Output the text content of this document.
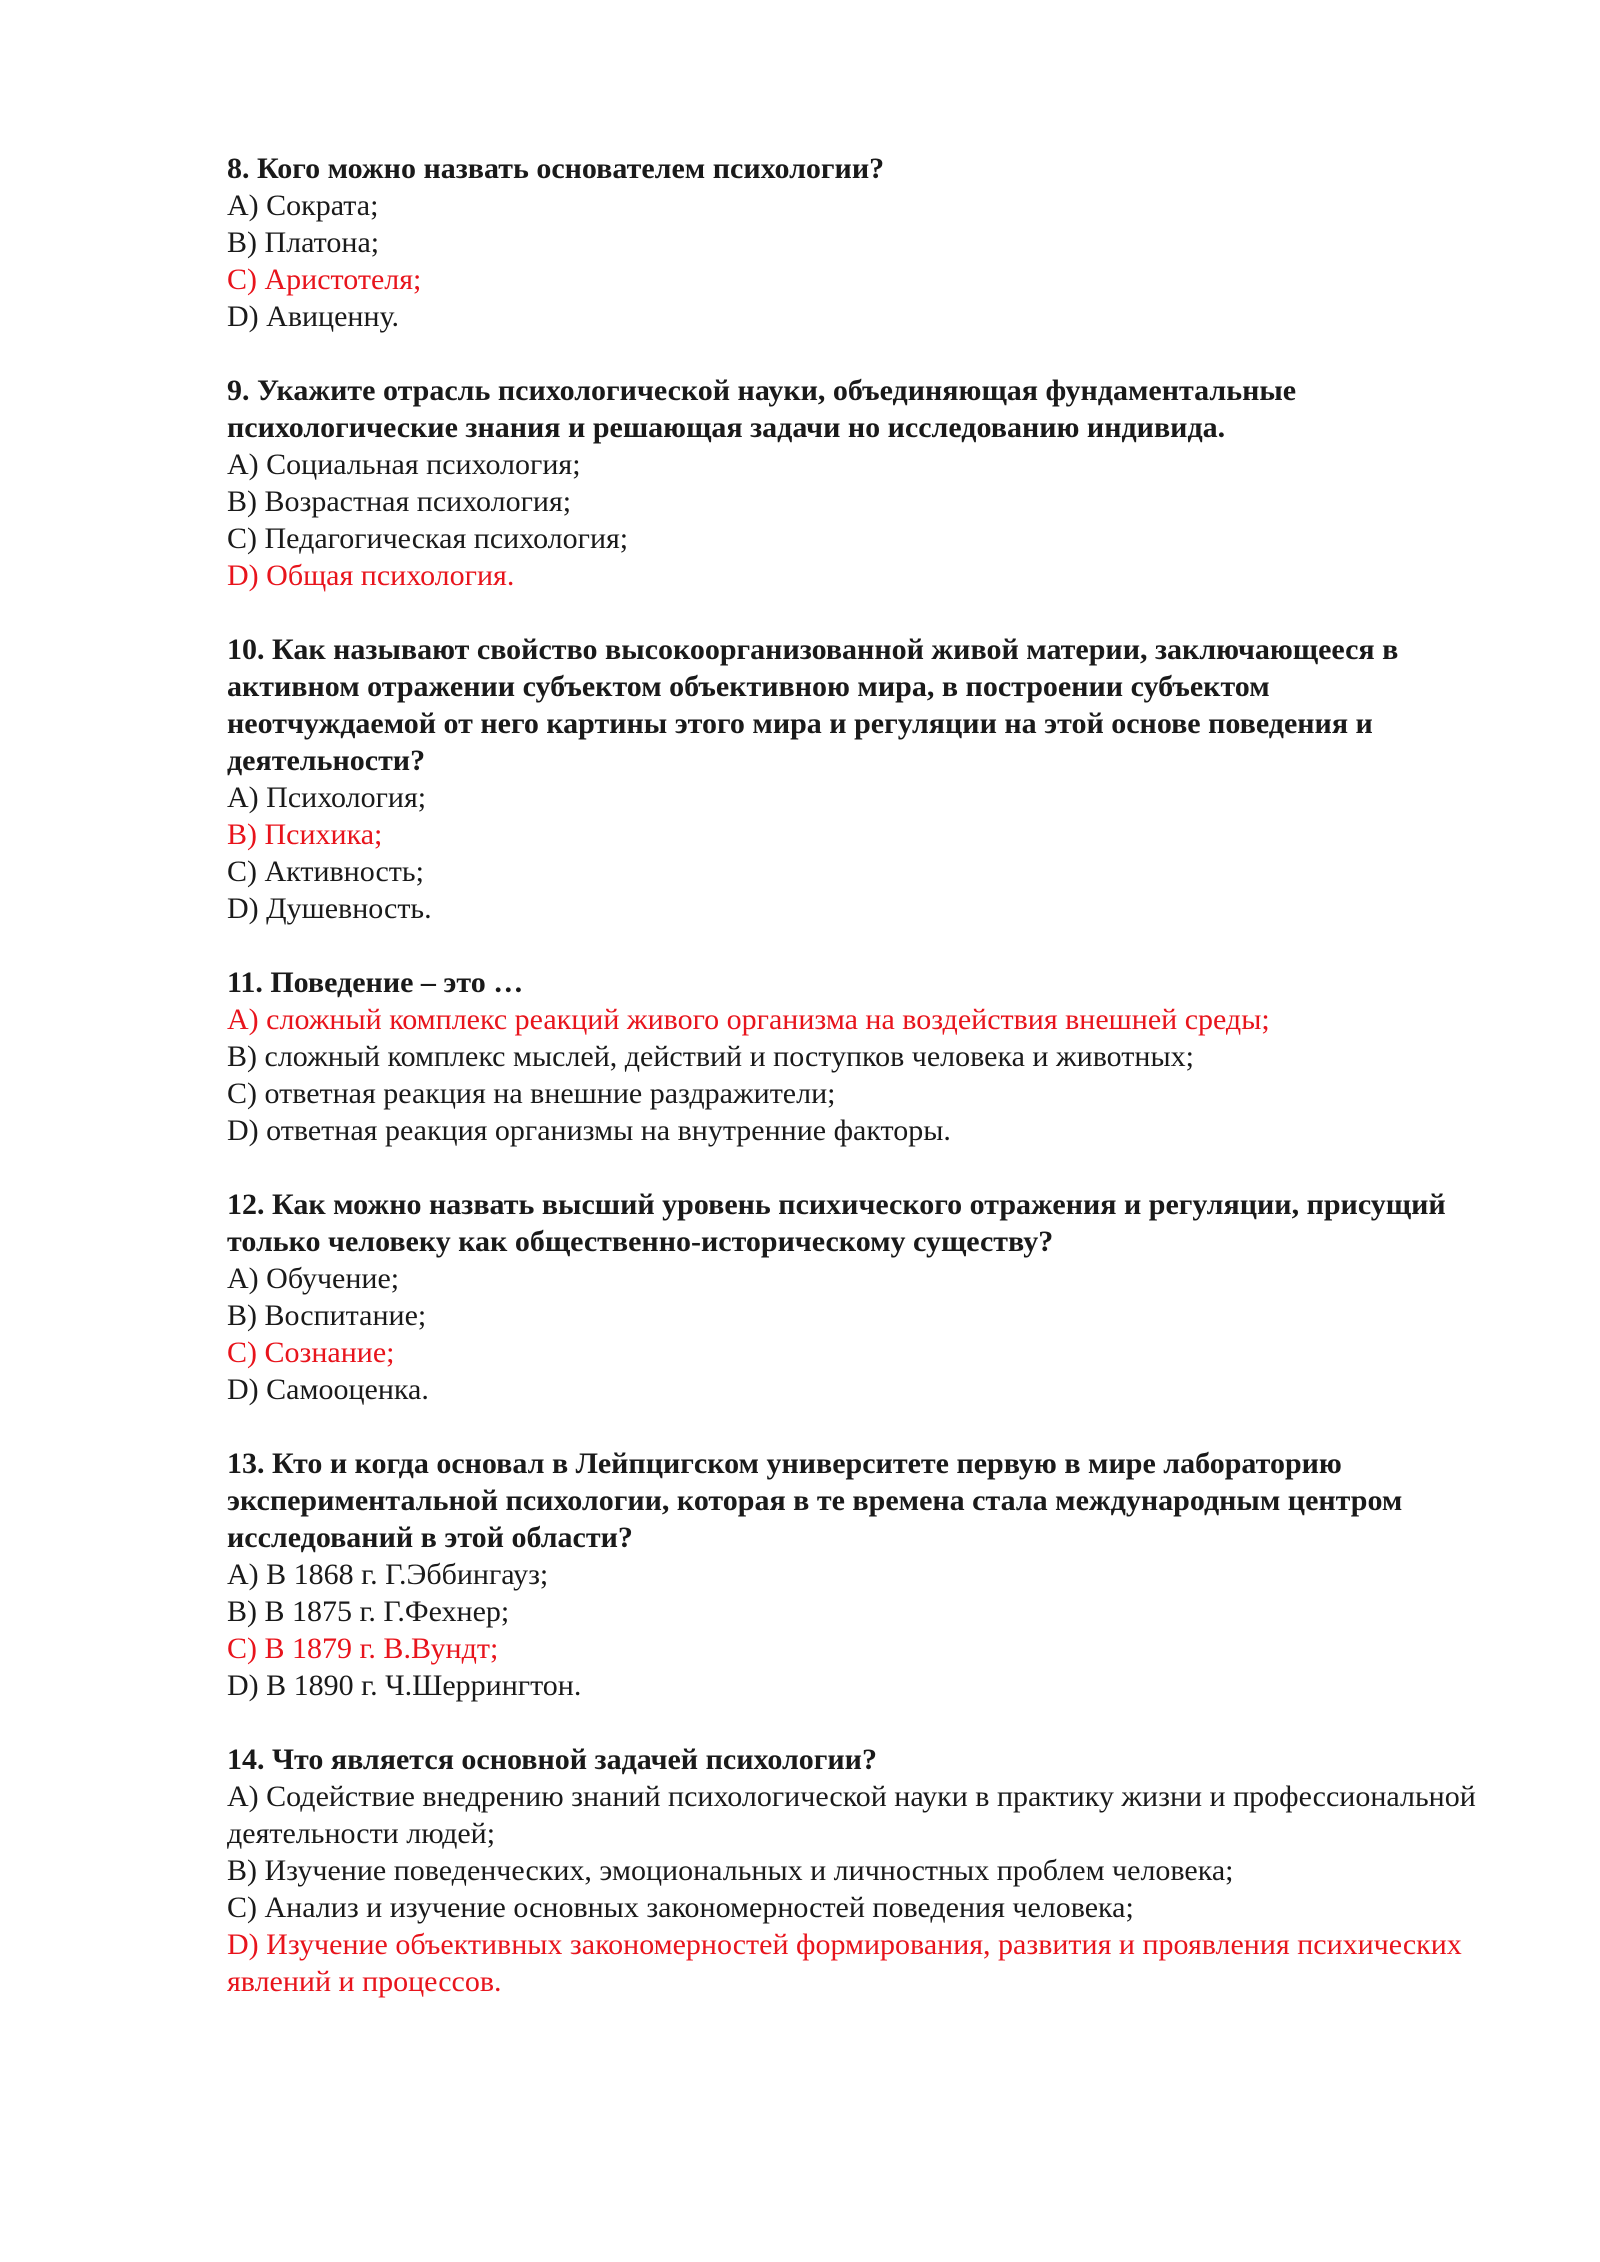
8. Кого можно назвать основателем психологии?

A) Сократа;

B) Платона;

C) Аристотеля;

D) Авиценну.

9. Укажите отрасль психологической науки, объединяющая фундаментальные психологические знания и решающая задачи но исследованию индивида.

A) Социальная психология;

B) Возрастная психология;

C) Педагогическая психология;

D) Общая психология.

10. Как называют свойство высокоорганизованной живой материи, заключающееся в активном отражении субъектом объективною мира, в построении субъектом неотчуждаемой от него картины этого мира и регуляции на этой основе поведения и деятельности?

A) Психология;

B) Психика;

C) Активность;

D) Душевность.

11. Поведение – это …

A) сложный комплекс реакций живого организма на воздействия внешней среды;

B) сложный комплекс мыслей, действий и поступков человека и животных;

C) ответная реакция на внешние раздражители;

D) ответная реакция организмы на внутренние факторы.

12. Как можно назвать высший уровень психического отражения и регуляции, присущий только человеку как общественно-историческому существу?

A) Обучение;

B) Воспитание;

C) Сознание;

D) Самооценка.

13. Кто и когда основал в Лейпцигском университете первую в мире лабораторию экспериментальной психологии, которая в те времена стала международным центром исследований в этой области?

A) В 1868 г. Г.Эббингауз;

B) В 1875 г. Г.Фехнер;

C) В 1879 г. В.Вундт;

D) В 1890 г. Ч.Шеррингтон.

14. Что является основной задачей психологии?

A) Содействие внедрению знаний психологической науки в практику жизни и профессиональной деятельности людей;

B) Изучение поведенческих, эмоциональных и личностных проблем человека;

C) Анализ и изучение основных закономерностей поведения человека;

D) Изучение объективных закономерностей формирования, развития и проявления психических явлений и процессов.
